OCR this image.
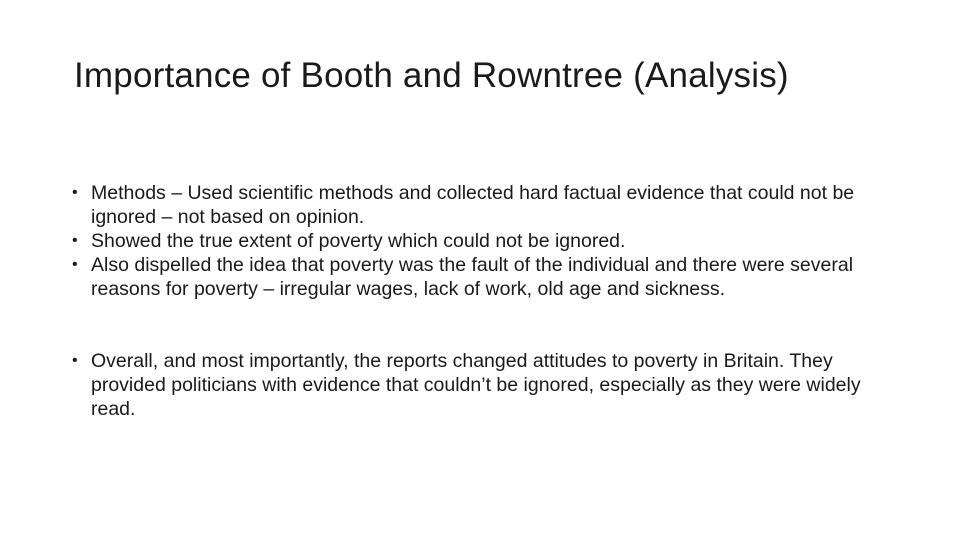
Importance of Booth and Rowntree (Analysis)
• Methods – Used scientific methods and collected hard factual evidence that could not be ignored – not based on opinion.
• Showed the true extent of poverty which could not be ignored.
• Also dispelled the idea that poverty was the fault of the individual and there were several reasons for poverty – irregular wages, lack of work, old age and sickness.
• Overall, and most importantly, the reports changed attitudes to poverty in Britain. They provided politicians with evidence that couldn’t be ignored, especially as they were widely read.
